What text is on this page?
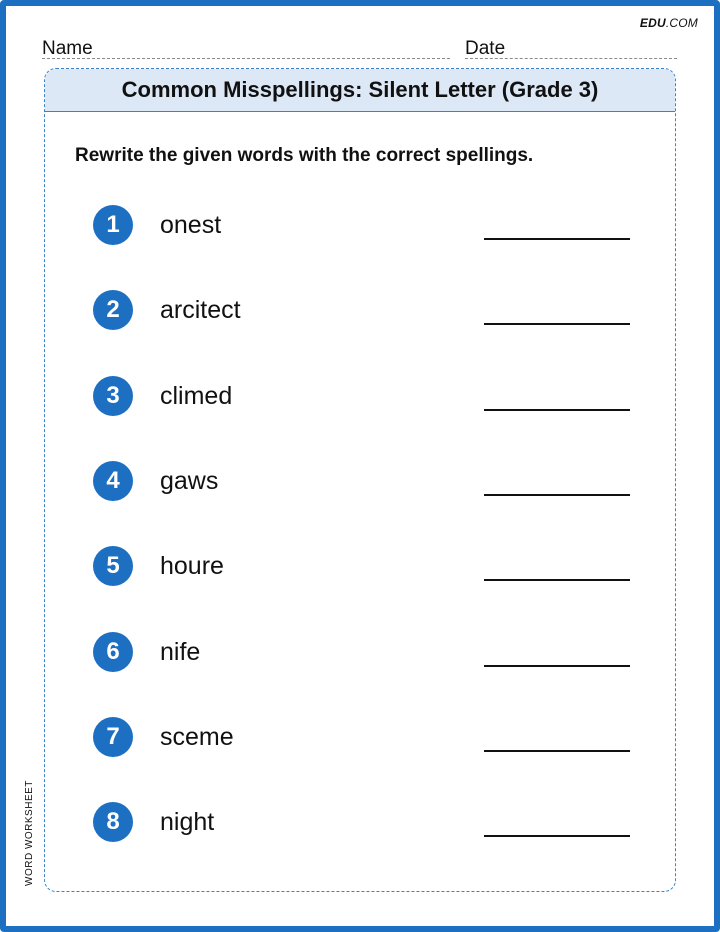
EDU.COM
Name	Date
Common Misspellings: Silent Letter (Grade 3)
Rewrite the given words with the correct spellings.
1	onest
2	arcitect
3	climed
4	gaws
5	houre
6	nife
7	sceme
8	night
WORD WORKSHEET
